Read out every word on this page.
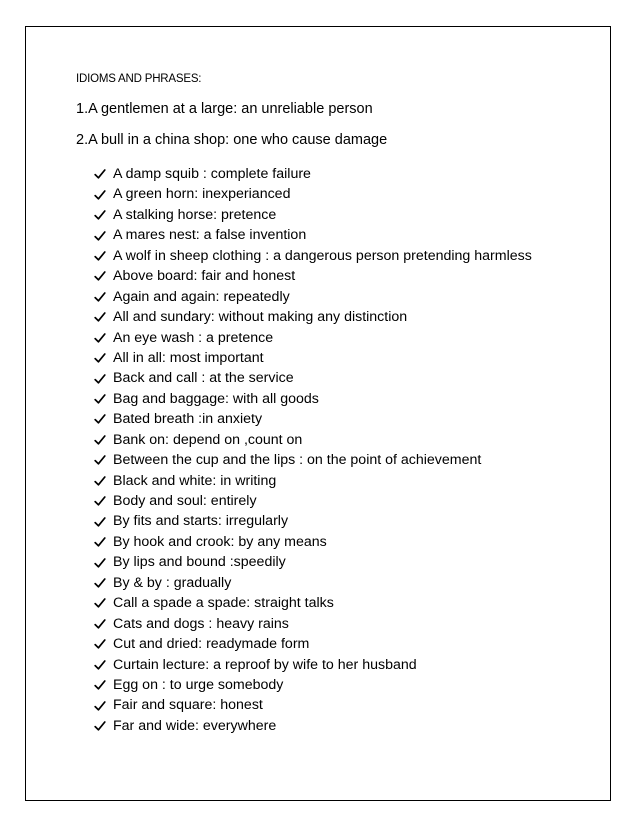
IDIOMS AND PHRASES:
1.A gentlemen at a large: an unreliable person
2.A bull in a china shop: one who cause damage
A damp squib : complete failure
A green horn: inexperianced
A stalking horse: pretence
A mares nest: a false invention
A wolf in sheep clothing : a dangerous person pretending harmless
Above board: fair and honest
Again and again: repeatedly
All and sundary: without making any distinction
An eye wash : a pretence
All in all: most important
Back and call : at the service
Bag and baggage: with all goods
Bated breath :in anxiety
Bank on: depend on ,count on
Between the cup and the lips : on the point of achievement
Black and white: in writing
Body and soul: entirely
By fits and starts: irregularly
By hook and crook: by any means
By lips and bound :speedily
By & by : gradually
Call a spade a spade: straight talks
Cats and dogs : heavy rains
Cut and dried: readymade form
Curtain lecture: a reproof by wife to her husband
Egg on : to urge somebody
Fair and square: honest
Far and wide: everywhere
